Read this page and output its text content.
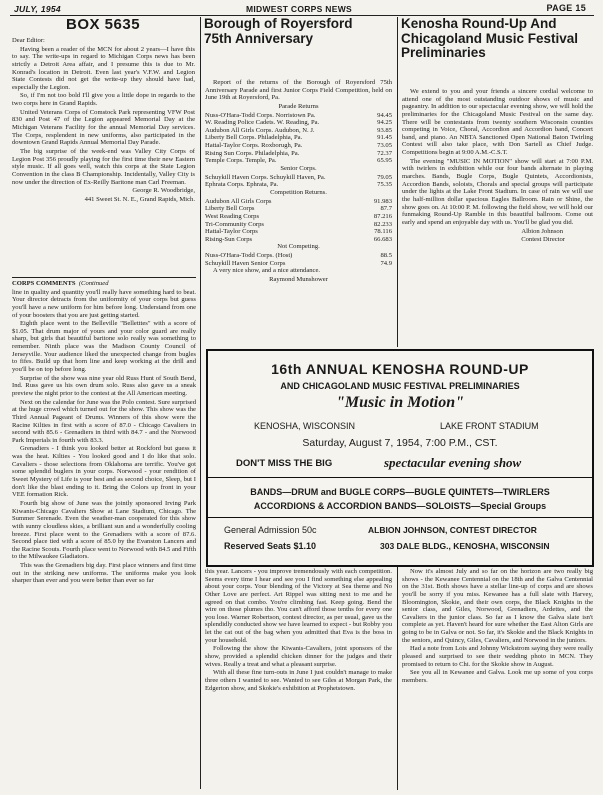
JULY, 1954	MIDWEST CORPS NEWS	PAGE 15
BOX 5635

Dear Editor:

Having been a reader of the MCN for about 2 years—I have this to say. The write-ups in regard to Michigan Corps news has been strictly a Detroit Area affair, and I presume this is due to Mr. Konrad's location in Detroit. Even last year's V.F.W. and Legion State Contests did not get the write-up they should have had, especially the Legion.

So, if I'm not too bold I'll give you a little dope in regards to the two corps here in Grand Rapids.

United Veterans Corps of Comstock Park representing VFW Post 830 and Post 47 of the Legion appeared Memorial Day at the Michigan Veterans Facility for the annual Memorial Day services. The Corps, resplendent in new uniforms, also participated in the downtown Grand Rapids Annual Memorial Day Parade.

The big surprise of the week-end was Valley City Corps of Legion Post 356 proudly playing for the first time their new Eastern style music. If all goes well, watch this corps at the State Legion Convention in the class B Championship. Incidentally, Valley City is now under the direction of Ex-Reilly Baritone man Carl Freeman.

George R. Woodbridge,

441 Sweet St. N. E., Grand Rapids, Mich.

CORPS COMMENTS (Continued

line in quality and quantity you'll really have something hard to beat. Your director detracts from the uniformity of your corps but guess you'll have a new uniform for him before long. Understand from one of your boosters that you are just getting started.

Eighth place went to the Belleville "Belletttes" with a score of $1.05. That drum major of yours and your color guard are really sharp, but girls that beautiful baritone solo really was something to remember. Ninth place was the Madison County Council of Jerseyville. Your audience liked the unexpected change from bugles to fifes. Build up that horn line and keep working at the drill and you'll be on top before long.

Surprise of the show was nine year old Russ Hunt of South Bend, Ind. Russ gave us his own drum solo. Russ also gave us a sneak preview the night prior to the contest at the All American meeting.

Next on the calendar for June was the Polo contest. Sure surprised at the huge crowd which turned out for the show. This show was the Third Annual Pageant of Drums. Winners of this show were the Racine Kilties in first with a score of 87.0 - Chicago Cavaliers in second with 85.6 - Grenadiers in third with 84.7 - and the Norwood Park Imperials in fourth with 83.3.

Grenadiers - I think you looked better at Rockford but guess it was the heat. Kilties - You looked good and I do like that solo. Cavaliers - those selections from Oklahoma are terrific. You've got some splendid buglers in your corps. Norwood - your rendition of Sweet Mystery of Life is your best and as second choice, Sleep, but I don't like the blast ending to it. Bring the Colors up front in your VEE formation Rick.

Fourth big show of June was the jointly sponsored Irving Park Kiwanis-Chicago Cavaliers Show at Lane Stadium, Chicago. The Summer Serenade. Even the weather-man cooperated for this show with sunny cloudless skies, a brilliant sun and a wonderfully cooling breeze. First place went to the Grenadiers with a score of 87.6. Second place tied with a score of 85.0 by the Evanston Lancers and the Racine Scouts. Fourth place went to Norwood with 84.5 and Fifth to the Milwaukee Gladiators.

This was the Grenadiers big day. First place winners and first time out in the striking new uniforms. The uniforms make you look sharper than ever and you were better than ever so far

Borough of Royersford 75th Anniversary

Report of the returns of the Borough of Royersford 75th Anniversary Parade and first Junior Corps Field Competition, held on June 19th at Royersford, Pa.

Parade Returns

Nuss-O'Hara-Todd Corps. Norristown Pa.	94.45
W. Reading Police Cadets. W. Reading, Pa.	94.25
Audubon All Girls Corps. Audubon, N. J.	93.85
Liberty Bell Corps. Philadelphia, Pa.	91.45
Hattal-Taylor Corps. Roxborugh, Pa.	73.05
Rising Sun Corps. Philadelphia, Pa.	72.37
Temple Corps. Temple, Pa.	65.95

Senior Corps.

Schuykill Haven Corps. Schuykill Haven, Pa.	79.05
Ephrata Corps. Ephrata, Pa.	75.35

Competition Returns.

Audubon All Girls Corps	91.983
Liberty Bell Corps	87.7
West Reading Corps	87.216
Tri-Community Corps	82.233
Hattal-Taylor Corps	78.116
Rising-Sun Corps	66.683

Not Competing.

Nuss-O'Hara-Todd Corps. (Host)	88.5
Schuykill Haven Senior Corps	74.9

A very nice show, and a nice attendance.

Raymond Munshower

Kenosha Round-Up And Chicagoland Music Festival Preliminaries

We extend to you and your friends a sincere cordial welcome to attend one of the most outstanding outdoor shows of music and pageantry. In addition to our spectacular evening show, we will hold the preliminaries for the Chicagoland Music Festival on the same day. There will be contestants from twenty southern Wisconsin counties competing in Voice, Choral, Accordion and Accordion band, Concert band, and piano. An NBTA Sanctioned Open National Baton Twirling Contest will also take place, with Don Sartell as Chief Judge. Competitions begin at 9:00 A.M.-C.S.T.

The evening "MUSIC IN MOTION" show will start at 7:00 P.M. with twirlers in exhibition while our four bands alternate in playing marches. Bands, Bugle Corps, Bugle Quintets, Accordionists, Accordion Bands, soloists, Chorals and special groups will participate under the lights at the Lake Front Stadium. In case of rain we will use the half-million dollar spacious Eagles Ballroom. Rain or Shine, the show goes on. At 10:00 P. M. following the field show, we will hold our funmaking Round-Up Ramble in this beautiful ballroom. Come out early and spend an enjoyable day with us. You'll be glad you did.

Albion Johnson

Contest Director

16th ANNUAL KENOSHA ROUND-UP
AND CHICAGOLAND MUSIC FESTIVAL PRELIMINARIES
"Music in Motion"
KENOSHA, WISCONSIN	LAKE FRONT STADIUM
Saturday, August 7, 1954, 7:00 P.M., CST.
DON'T MISS THE BIG	spectacular evening show
BANDS—DRUM and BUGLE CORPS—BUGLE QUINTETS—TWIRLERS
ACCORDIONS & ACCORDION BANDS—SOLOISTS—Special Groups
General Admission 50c
Reserved Seats $1.10
ALBION JOHNSON, CONTEST DIRECTOR
303 DALE BLDG., KENOSHA, WISCONSIN

this year. Lancers - you improve tremendously with each competition. Seems every time I hear and see you I find something else appealing about your corps. Your blending of the Victory at Sea theme and No Other Love are perfect. Art Rippel was sitting next to me and he agreed on that combo. You're climbing fast. Keep going. Bend the wire on those plumes tho. You can't afford those tenths for every one you lose. Warner Robertson, contest director, as per usual, gave us the splendidly conducted show we have learned to expect - but Robby you let the cat out of the bag when you admitted that Eva is the boss in your household.

Following the show the Kiwanis-Cavaliers, joint sponsors of the show, provided a splendid chicken dinner for the judges and their wives. Really a treat and what a pleasant surprise.

With all these fine turn-outs in June I just couldn't manage to make three others I wanted to see. Wanted to see Giles at Morgan Park, the Edgerton show, and Skokie's exhibition at Prophetstown.

Now it's almost July and so far on the horizon are two really big shows - the Kewanee Centennial on the 18th and the Galva Centennial on the 31st. Both shows have a stellar line-up of corps and are shows you'll be sorry if you miss. Kewanee has a full slate with Harvey, Bloomington, Skokie, and their own corps, the Black Knights in the senior class, and Giles, Norwood, Grenadiers, Ardettes, and the Cavaliers in the junior class. So far as I know the Galva slate isn't complete as yet. Haven't heard for sure whether the East Alton Girls are going to be in Galva or not. So far, it's Skokie and the Black Knights in the seniors, and Quincy, Giles, Cavaliers, and Norwood in the juniors.

Had a note from Lois and Johnny Wickstrom saying they were really pleased and surprised to see their wedding photo in MCN. They promised to return to Chi. for the Skokie show in August.

See you all in Kewanee and Galva. Look me up some of you corps members.
